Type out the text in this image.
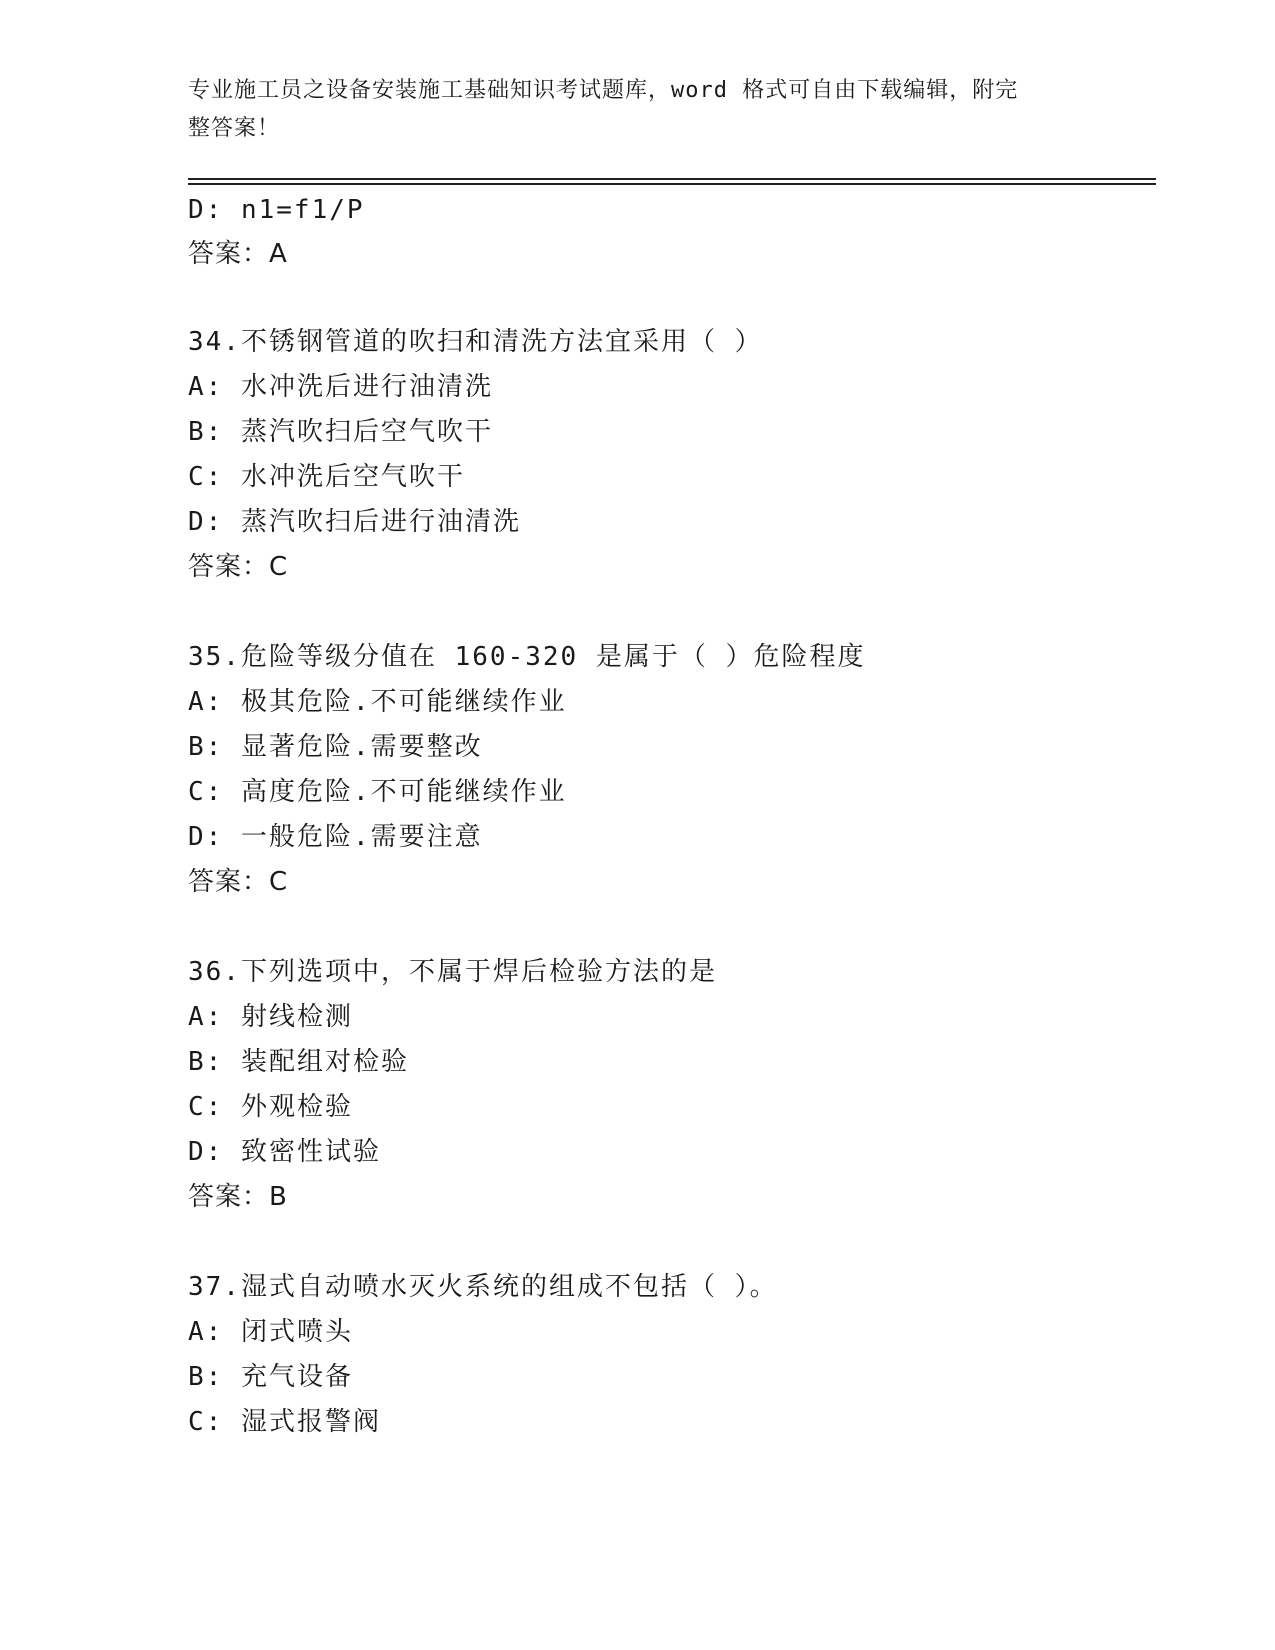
专业施工员之设备安装施工基础知识考试题库，word 格式可自由下载编辑，附完
整答案！
D: n1=f1/P
答案：A
34.不锈钢管道的吹扫和清洗方法宜采用（ ）
A: 水冲洗后进行油清洗
B: 蒸汽吹扫后空气吹干
C: 水冲洗后空气吹干
D: 蒸汽吹扫后进行油清洗
答案：C
35.危险等级分值在 160-320 是属于（ ）危险程度
A: 极其危险.不可能继续作业
B: 显著危险.需要整改
C: 高度危险.不可能继续作业
D: 一般危险.需要注意
答案：C
36.下列选项中，不属于焊后检验方法的是
A: 射线检测
B: 装配组对检验
C: 外观检验
D: 致密性试验
答案：B
37.湿式自动喷水灭火系统的组成不包括（ ）。
A: 闭式喷头
B: 充气设备
C: 湿式报警阀
